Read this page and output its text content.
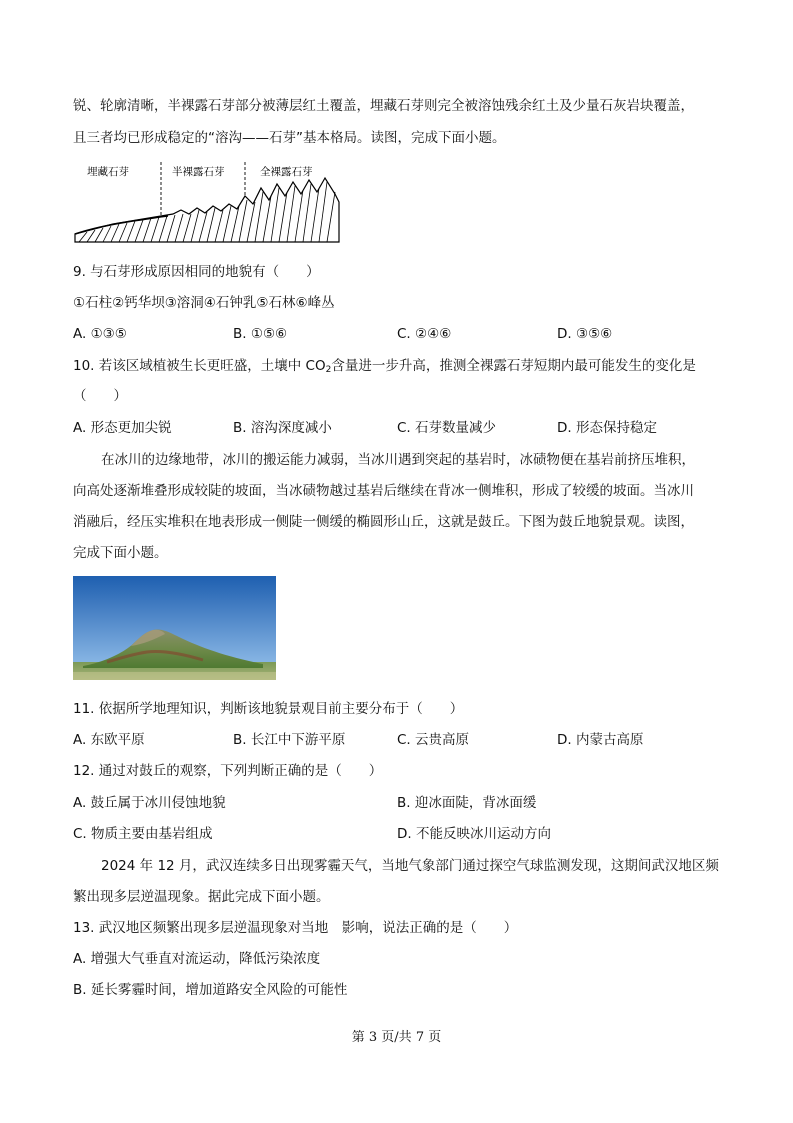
锐、轮廓清晰，半裸露石芽部分被薄层红土覆盖，埋藏石芽则完全被溶蚀残余红土及少量石灰岩块覆盖，
且三者均已形成稳定的“溶沟——石芽”基本格局。读图，完成下面小题。
埋藏石芽	半裸露石芽	全裸露石芽
9. 与石芽形成原因相同的地貌有（　　）
①石柱②钙华坝③溶洞④石钟乳⑤石林⑥峰丛
A. ①③⑤	B. ①⑤⑥	C. ②④⑥	D. ③⑤⑥
10. 若该区域植被生长更旺盛，土壤中 $CO_2$含量进一步升高，推测全裸露石芽短期内最可能发生的变化是
（　　）
A. 形态更加尖锐	B. 溶沟深度减小	C. 石芽数量减少	D. 形态保持稳定
在冰川的边缘地带，冰川的搬运能力减弱，当冰川遇到突起的基岩时，冰碛物便在基岩前挤压堆积，
向高处逐渐堆叠形成较陡的坡面，当冰碛物越过基岩后继续在背冰一侧堆积，形成了较缓的坡面。当冰川
消融后，经压实堆积在地表形成一侧陡一侧缓的椭圆形山丘，这就是鼓丘。下图为鼓丘地貌景观。读图，
完成下面小题。
11. 依据所学地理知识，判断该地貌景观目前主要分布于（　　）
A. 东欧平原	B. 长江中下游平原	C. 云贵高原	D. 内蒙古高原
12. 通过对鼓丘的观察，下列判断正确的是（　　）
A. 鼓丘属于冰川侵蚀地貌	B. 迎冰面陡，背冰面缓
C. 物质主要由基岩组成	D. 不能反映冰川运动方向
2024 年 12 月，武汉连续多日出现雾霾天气，当地气象部门通过探空气球监测发现，这期间武汉地区频
繁出现多层逆温现象。据此完成下面小题。
13. 武汉地区频繁出现多层逆温现象对当地　影响，说法正确的是（　　）
A. 增强大气垂直对流运动，降低污染浓度
B. 延长雾霾时间，增加道路安全风险的可能性
第 3 页/共 7 页
